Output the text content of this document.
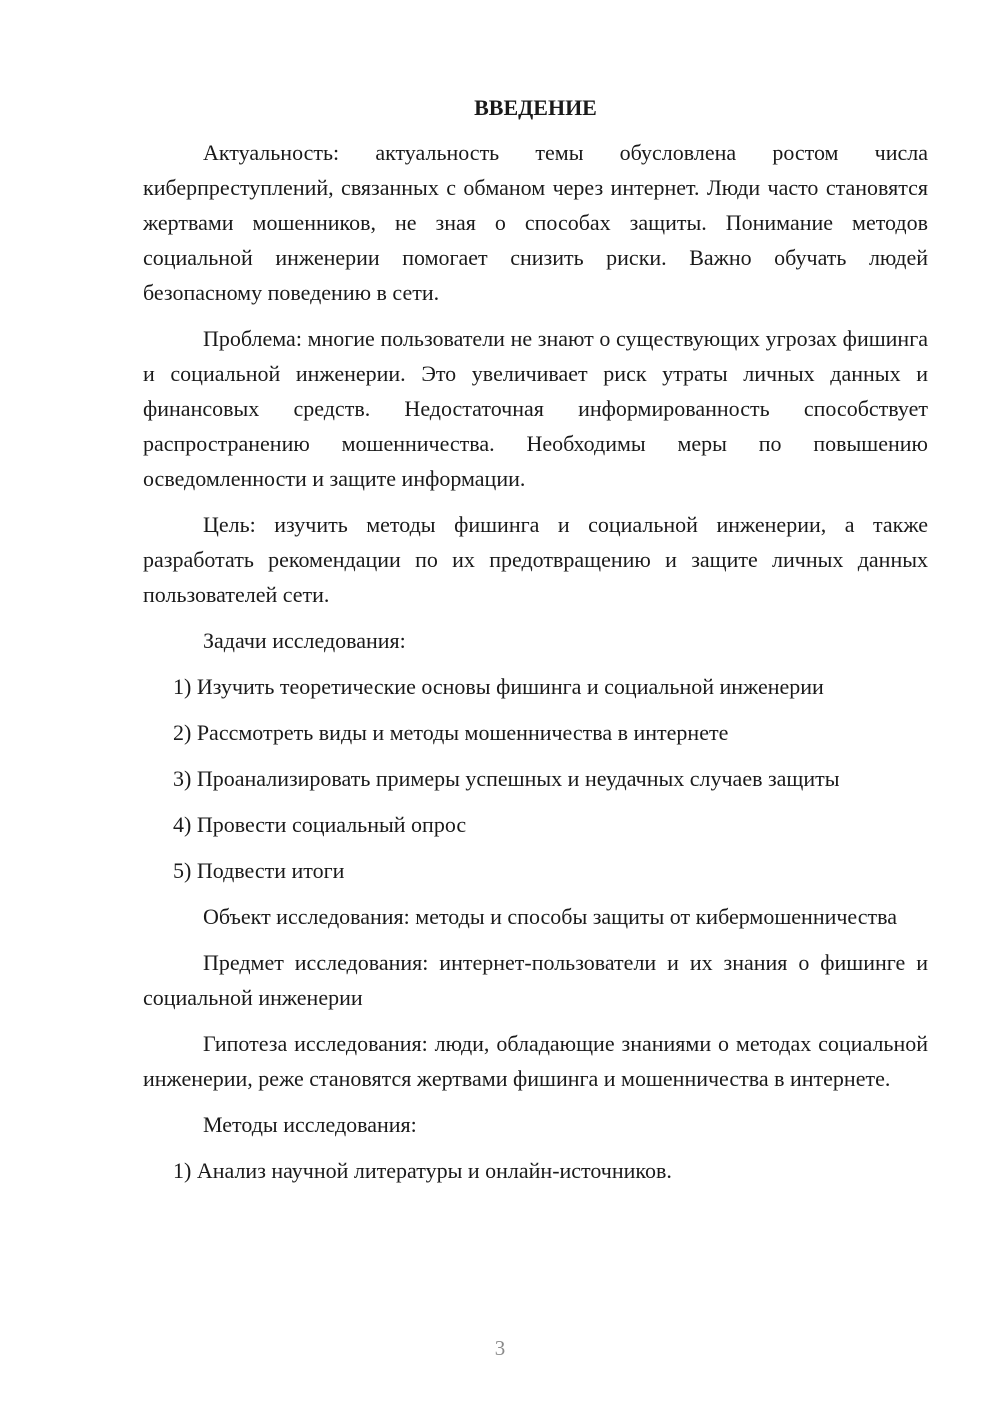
ВВЕДЕНИЕ

Актуальность: актуальность темы обусловлена ростом числа киберпреступлений, связанных с обманом через интернет. Люди часто становятся жертвами мошенников, не зная о способах защиты. Понимание методов социальной инженерии помогает снизить риски. Важно обучать людей безопасному поведению в сети.

Проблема: многие пользователи не знают о существующих угрозах фишинга и социальной инженерии. Это увеличивает риск утраты личных данных и финансовых средств. Недостаточная информированность способствует распространению мошенничества. Необходимы меры по повышению осведомленности и защите информации.

Цель: изучить методы фишинга и социальной инженерии, а также разработать рекомендации по их предотвращению и защите личных данных пользователей сети.

Задачи исследования:

1) Изучить теоретические основы фишинга и социальной инженерии

2) Рассмотреть виды и методы мошенничества в интернете

3) Проанализировать примеры успешных и неудачных случаев защиты

4) Провести социальный опрос

5) Подвести итоги

Объект исследования: методы и способы защиты от кибермошенничества

Предмет исследования: интернет-пользователи и их знания о фишинге и социальной инженерии

Гипотеза исследования: люди, обладающие знаниями о методах социальной инженерии, реже становятся жертвами фишинга и мошенничества в интернете.

Методы исследования:

1) Анализ научной литературы и онлайн-источников.

3
